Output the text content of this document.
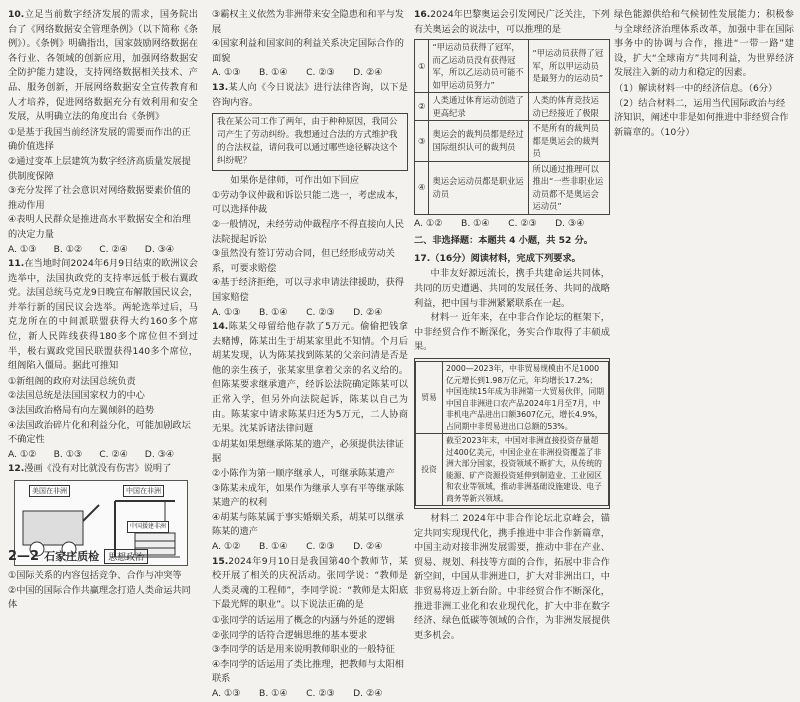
10.立足当前数字经济发展的需求，国务院出台了《网络数据安全管理条例》（以下简称《条例》）。《条例》明确指出，国家鼓励网络数据在各行业、各领域的创新应用，加强网络数据安全防护能力建设，支持网络数据相关技术、产品、服务创新，开展网络数据安全宣传教育和人才培养，促进网络数据充分有效利用和安全发展，从明确立法的角度出台《条例》

①是基于我国当前经济发展的需要而作出的正确价值选择

②通过变革上层建筑为数字经济高质量发展提供制度保障

③充分发挥了社会意识对网络数据要素价值的推动作用

④表明人民群众是推进高水平数据安全和治理的决定力量

A. ①③ B. ①② C. ②④ D. ③④

11.在当地时间2024年6月9日结束的欧洲议会选举中，法国执政党的支持率远低于极右翼政党。法国总统马克龙9日晚宣布解散国民议会，并举行新的国民议会选举。两轮选举过后，马克龙所在的中间派联盟获得大约160多个席位，新人民阵线获得180多个席位但不到过半，极右翼政党国民联盟获得140多个席位，组阁陷入僵局。据此可推知

①新组阁的政府对法国总统负责

②法国总统是法国国家权力的中心

③法国政治格局有向左翼倾斜的趋势

④法国政治碎片化和利益分化，可能加剧政坛不确定性

A. ①② B. ①③ C. ②④ D. ③④

12.漫画《没有对比就没有伤害》说明了

美国在非洲	中国在非洲
中国援建非洲

①国际关系的内容包括竞争、合作与冲突等

②中国的国际合作共赢理念打造人类命运共同体

③霸权主义依然为非洲带来安全隐患和和平与发展

④国家利益和国家间的利益关系决定国际合作的面貌

A. ①③ B. ①④ C. ②③ D. ②④

13.某人向《今日说法》进行法律咨询，以下是咨询内容。

我在某公司工作了两年，由于种种原因，我同公司产生了劳动纠纷。我想通过合法的方式维护我的合法权益，请问我可以通过哪些途径解决这个纠纷呢？

如果你是律师，可作出如下回应

①劳动争议仲裁和诉讼只能二选一，考虑成本，可以选择仲裁

②一般情况，未经劳动仲裁程序不得直接向人民法院提起诉讼

③虽然没有签订劳动合同，但已经形成劳动关系，可要求赔偿

④基于经济拒绝，可以寻求申请法律援助，获得国家赔偿

A. ①③ B. ①④ C. ②③ D. ②④

14.陈某父母留给他存款了5万元。偷偷把钱拿去赌博，陈某出生于胡某家里此不知情。个月后胡某发现，认为陈某找到陈某的父亲问清是否是他的亲生孩子，张某家里拿着父亲的名义给的。但陈某要求继承遗产，经诉讼法院确定陈某可以正常入学，但另外向法院起诉，陈某以自己为由。陈某家中请求陈某归还为5万元，二人协商无果。沈某诉诸法律问题

①胡某如果想继承陈某的遗产，必须提供法律证据

②小陈作为第一顺序继承人，可继承陈某遗产

③陈某未成年，如果作为继承人享有平等继承陈某遗产的权利

④胡某与陈某属于事实婚姻关系，胡某可以继承陈某的遗产

A. ①② B. ①④ C. ②③ D. ②④

15.2024年9月10日是我国第40个教师节，某校开展了相关的庆祝活动。张同学说：“教师是人类灵魂的工程师”，李同学说：“教师是太阳底下最光辉的职业”。以下说法正确的是

①张同学的话运用了概念的内涵与外延的逻辑

②张同学的话符合逻辑思维的基本要求

③李同学的话是用来说明教师职业的一般特征

④李同学的话运用了类比推理，把教师与太阳相联系

A. ①③ B. ①④ C. ②③ D. ②④

16.2024年巴黎奥运会引发网民广泛关注，下列有关奥运会的说法中，可以推理的是

①	“甲运动员获得了冠军，而乙运动员没有获得冠军，所以乙运动员可能不如甲运动员努力”	“甲运动员获得了冠军，所以甲运动员是最努力的运动员”
②	人类通过体育运动创造了更高纪录	人类的体育竞技运动已经接近了极限
③	奥运会的裁判员都是经过国际组织认可的裁判员	不是所有的裁判员都是奥运会的裁判员
④	奥运会运动员都是职业运动员	所以通过推理可以推出“一些非职业运动员都不是奥运会运动员”

A. ①② B. ①④ C. ②③ D. ③④

二、非选择题：本题共 4 小题，共 52 分。

17.（16分）阅读材料，完成下列要求。

中非友好源远流长，携手共建命运共同体，共同的历史遭遇、共同的发展任务、共同的战略利益，把中国与非洲紧紧联系在一起。

材料一 近年来，在中非合作论坛的框架下，中非经贸合作不断深化，务实合作取得了丰硕成果。

贸易	2000—2023年，中非贸易规模由不足1000亿元增长到1.98万亿元，年均增长17.2%；中国连续15年成为非洲第一大贸易伙伴，同期中国自非洲进口农产品2024年1月至7月，中非机电产品进出口额3607亿元，增长4.9%，占同期中非贸易进出口总额的53%。
投资	截至2023年末，中国对非洲直接投资存量超过400亿美元，中国企业在非洲投资覆盖了非洲大部分国家，投资领域不断扩大，从传统的能源、矿产资源投资延伸到制造业、工业园区和农业等领域，推动非洲基础设施建设、电子商务等新兴领域。

材料二 2024年中非合作论坛北京峰会，锚定共同实现现代化，携手推进中非合作新篇章，中国主动对接非洲发展需要，推动中非在产业、贸易、规划、科技等方面的合作，拓展中非合作新空间，中国从非洲进口，扩大对非洲出口，中非贸易将迈上新台阶。中非经贸合作不断深化，推进非洲工业化和农业现代化，扩大中非在数字经济、绿色低碳等领域的合作，为非洲发展提供更多机会。

绿色能源供给和气候韧性发展能力；积极参与全球经济治理体系改革，加强中非在国际事务中的协调与合作，推进“一带一路”建设，扩大“全球南方”共同利益，为世界经济发展注入新的动力和稳定的因素。

（1）解读材料一中的经济信息。（6分）

（2）结合材料二，运用当代国际政治与经济知识，阐述中非是如何推进中非经贸合作新篇章的。（10分）

2—2 石家庄质检	思想政治
